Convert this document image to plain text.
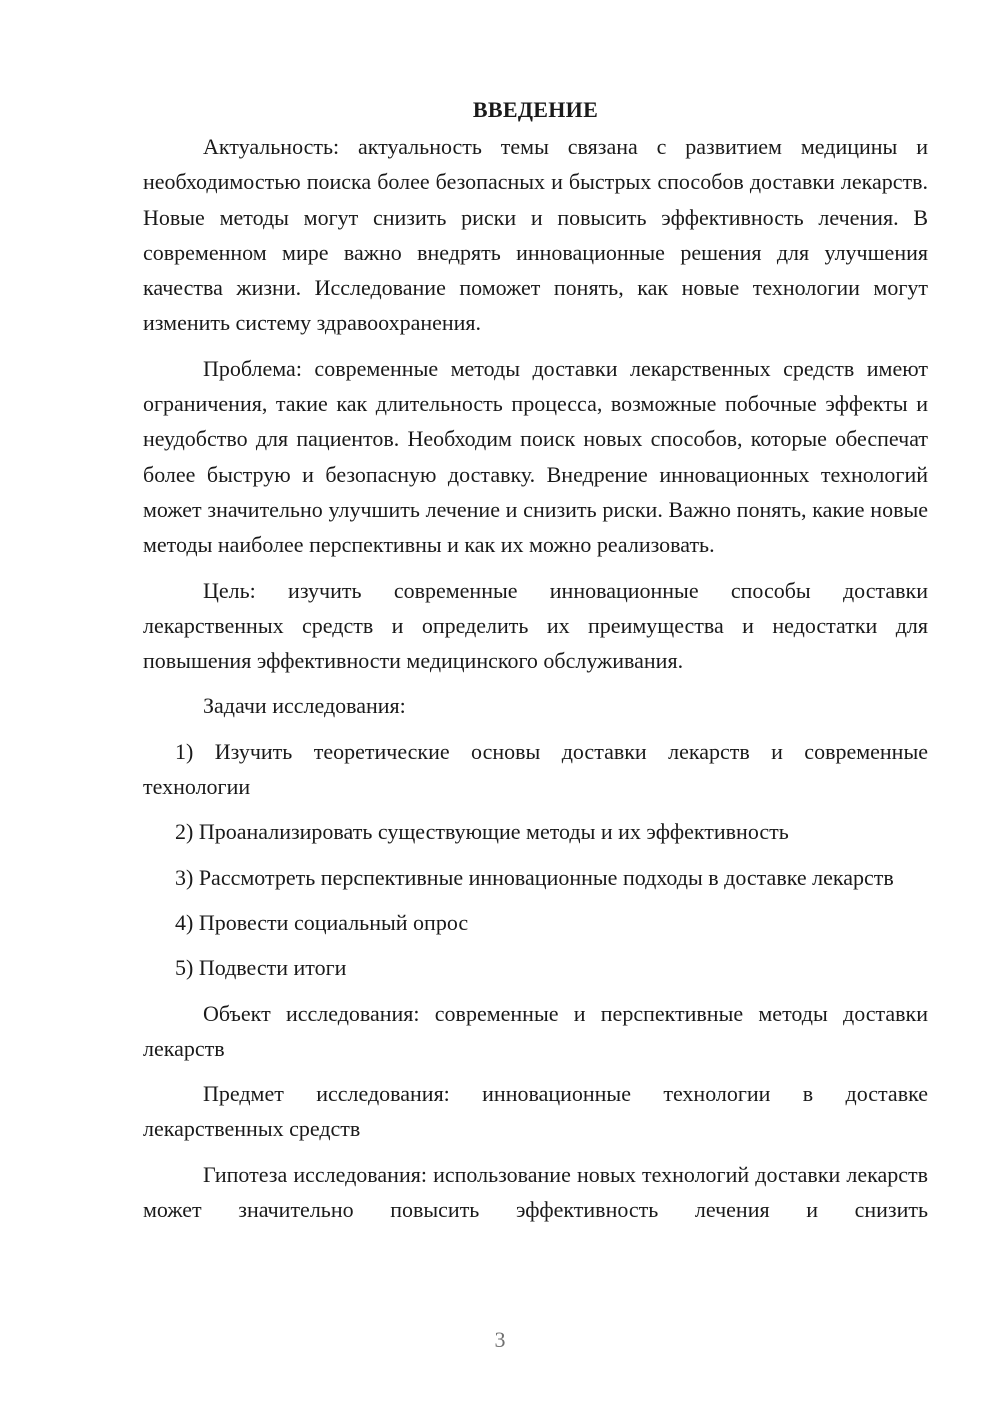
ВВЕДЕНИЕ

Актуальность: актуальность темы связана с развитием медицины и необходимостью поиска более безопасных и быстрых способов доставки лекарств. Новые методы могут снизить риски и повысить эффективность лечения. В современном мире важно внедрять инновационные решения для улучшения качества жизни. Исследование поможет понять, как новые технологии могут изменить систему здравоохранения.

Проблема: современные методы доставки лекарственных средств имеют ограничения, такие как длительность процесса, возможные побочные эффекты и неудобство для пациентов. Необходим поиск новых способов, которые обеспечат более быструю и безопасную доставку. Внедрение инновационных технологий может значительно улучшить лечение и снизить риски. Важно понять, какие новые методы наиболее перспективны и как их можно реализовать.

Цель: изучить современные инновационные способы доставки лекарственных средств и определить их преимущества и недостатки для повышения эффективности медицинского обслуживания.

Задачи исследования:

1) Изучить теоретические основы доставки лекарств и современные технологии

2) Проанализировать существующие методы и их эффективность

3) Рассмотреть перспективные инновационные подходы в доставке лекарств

4) Провести социальный опрос

5) Подвести итоги

Объект исследования: современные и перспективные методы доставки лекарств

Предмет исследования: инновационные технологии в доставке лекарственных средств

Гипотеза исследования: использование новых технологий доставки лекарств может значительно повысить эффективность лечения и снизить

3
